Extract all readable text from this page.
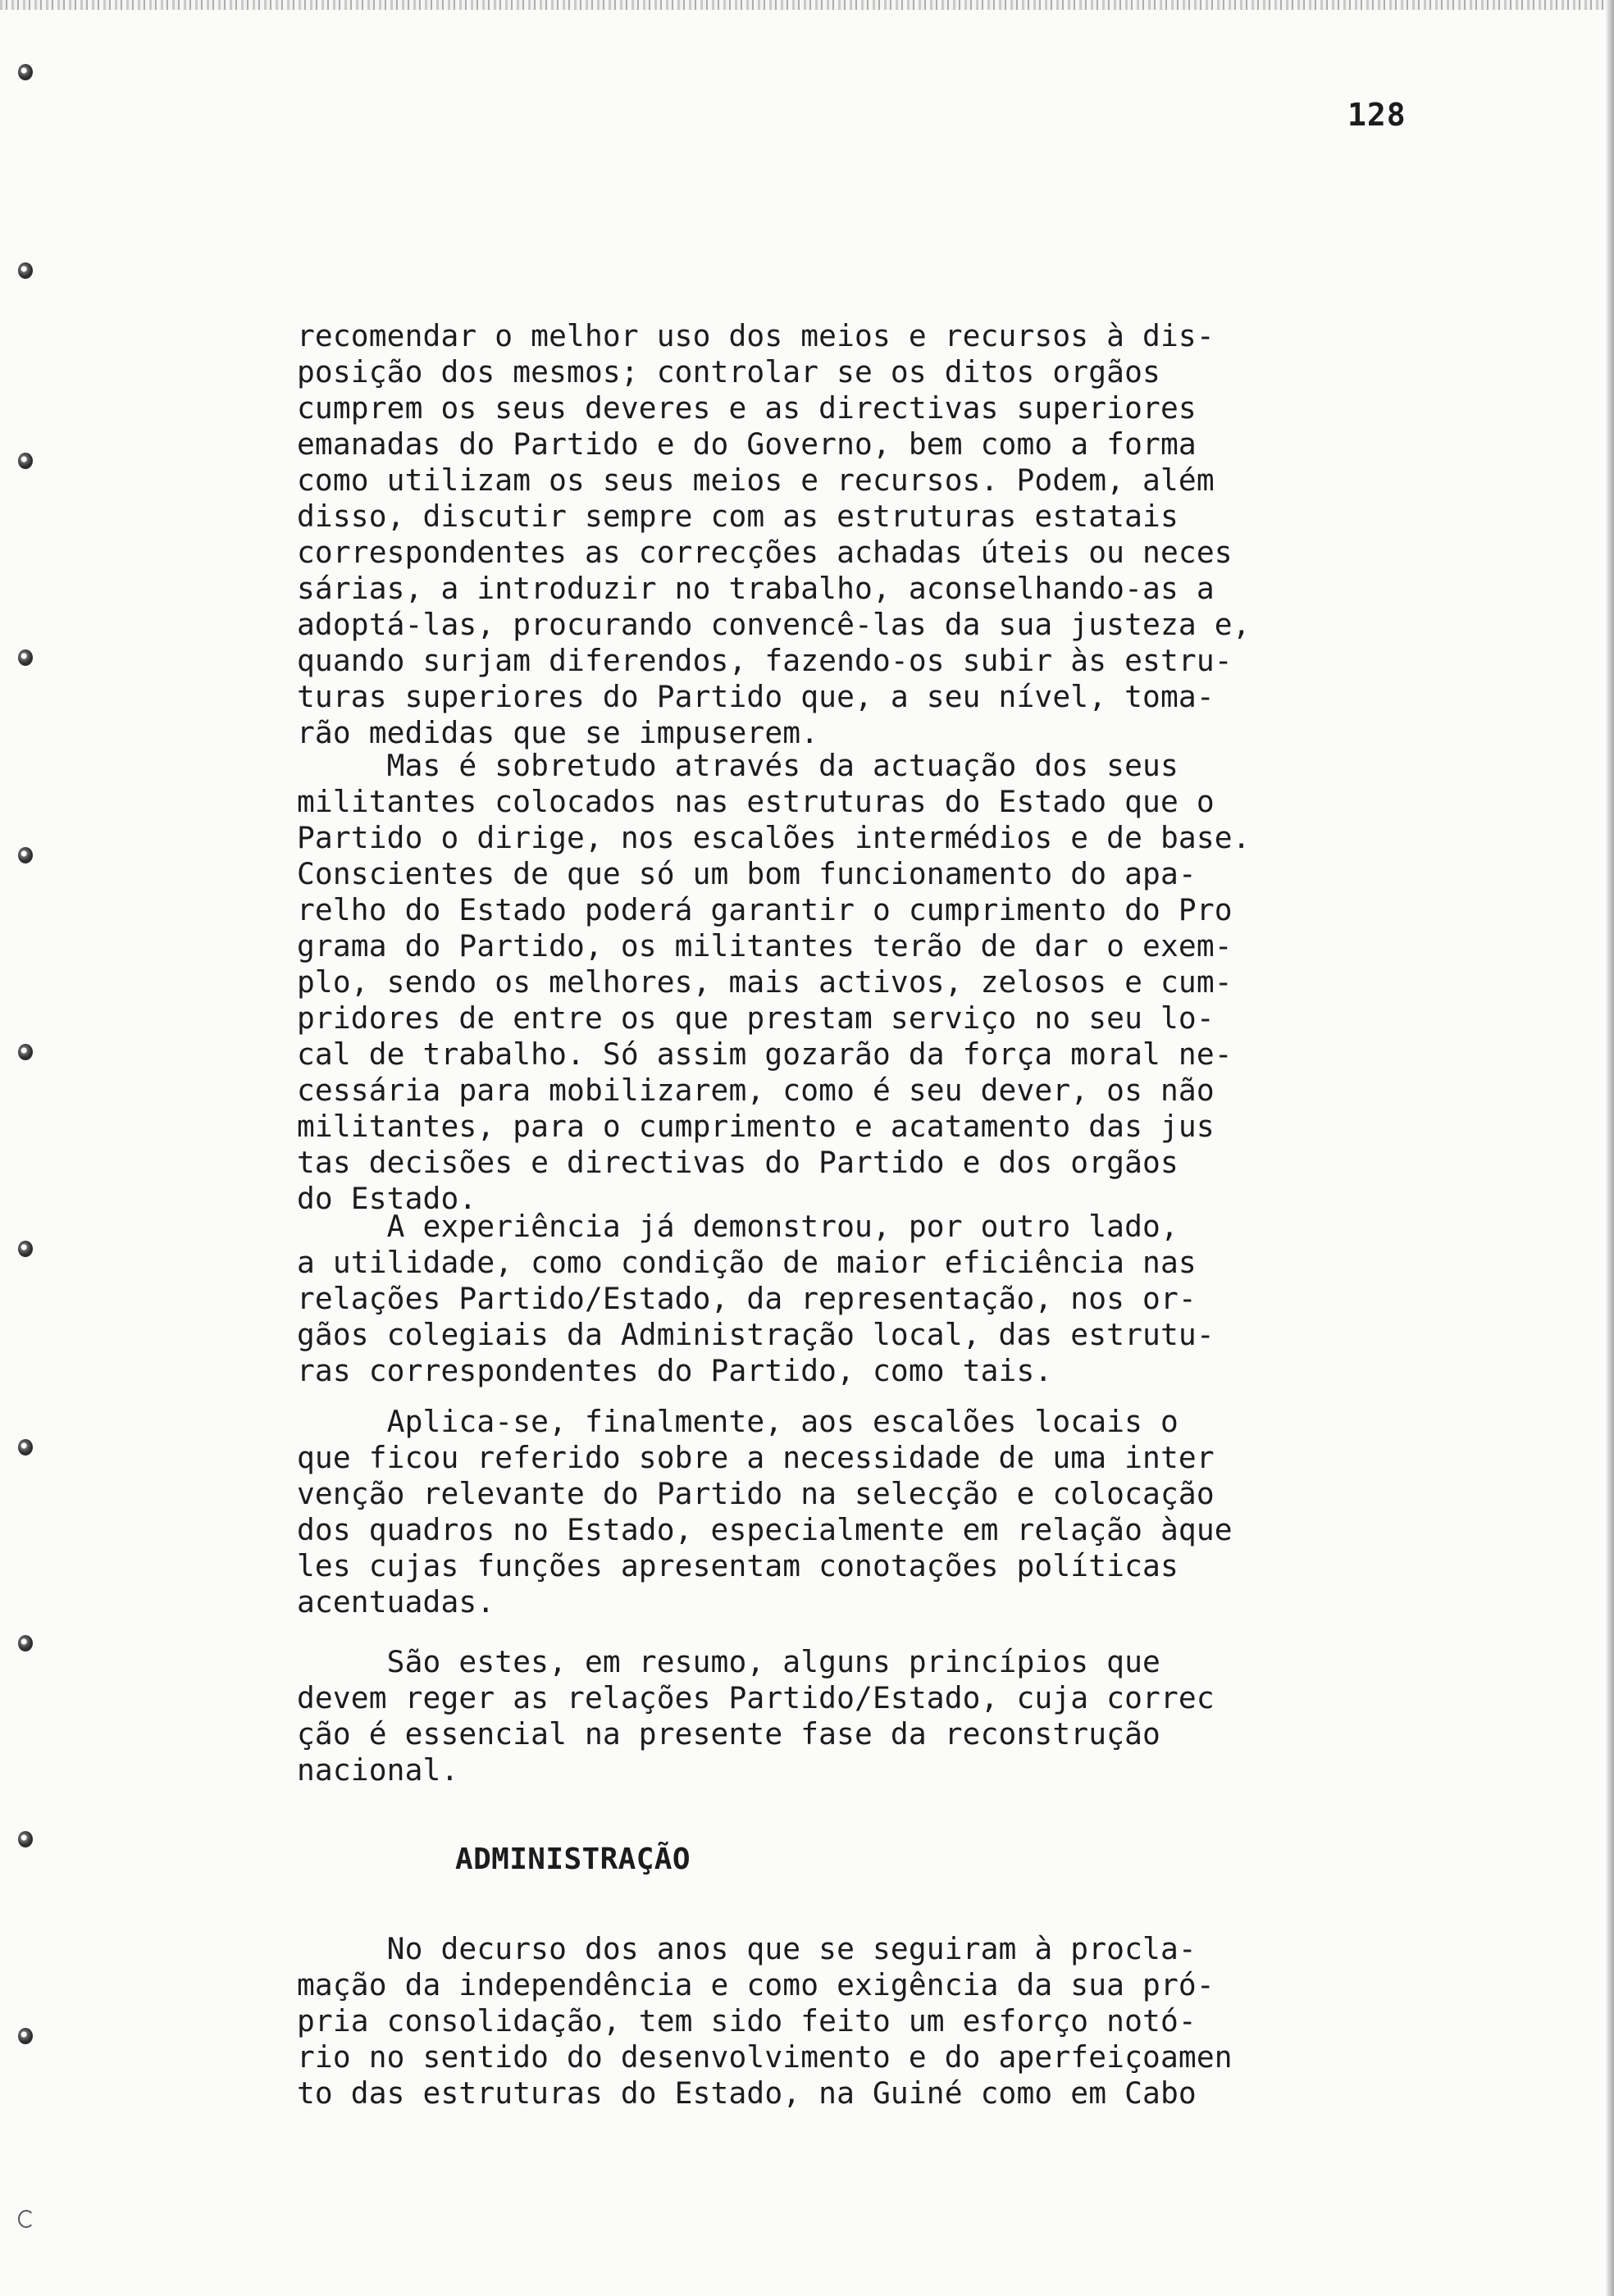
128
recomendar o melhor uso dos meios e recursos à dis-
posição dos mesmos; controlar se os ditos orgãos
cumprem os seus deveres e as directivas superiores
emanadas do Partido e do Governo, bem como a forma
como utilizam os seus meios e recursos. Podem, além
disso, discutir sempre com as estruturas estatais
correspondentes as correcções achadas úteis ou neces
sárias, a introduzir no trabalho, aconselhando-as a
adoptá-las, procurando convencê-las da sua justeza e,
quando surjam diferendos, fazendo-os subir às estru-
turas superiores do Partido que, a seu nível, toma-
rão medidas que se impuserem.
Mas é sobretudo através da actuação dos seus
militantes colocados nas estruturas do Estado que o
Partido o dirige, nos escalões intermédios e de base.
Conscientes de que só um bom funcionamento do apa-
relho do Estado poderá garantir o cumprimento do Pro
grama do Partido, os militantes terão de dar o exem-
plo, sendo os melhores, mais activos, zelosos e cum-
pridores de entre os que prestam serviço no seu lo-
cal de trabalho. Só assim gozarão da força moral ne-
cessária para mobilizarem, como é seu dever, os não
militantes, para o cumprimento e acatamento das jus
tas decisões e directivas do Partido e dos orgãos
do Estado.
A experiência já demonstrou, por outro lado,
a utilidade, como condição de maior eficiência nas
relações Partido/Estado, da representação, nos or-
gãos colegiais da Administração local, das estrutu-
ras correspondentes do Partido, como tais.
Aplica-se, finalmente, aos escalões locais o
que ficou referido sobre a necessidade de uma inter
venção relevante do Partido na selecção e colocação
dos quadros no Estado, especialmente em relação àque
les cujas funções apresentam conotações políticas
acentuadas.
São estes, em resumo, alguns princípios que
devem reger as relações Partido/Estado, cuja correc
ção é essencial na presente fase da reconstrução
nacional.
ADMINISTRAÇÃO
No decurso dos anos que se seguiram à procla-
mação da independência e como exigência da sua pró-
pria consolidação, tem sido feito um esforço notó-
rio no sentido do desenvolvimento e do aperfeiçoamen
to das estruturas do Estado, na Guiné como em Cabo
